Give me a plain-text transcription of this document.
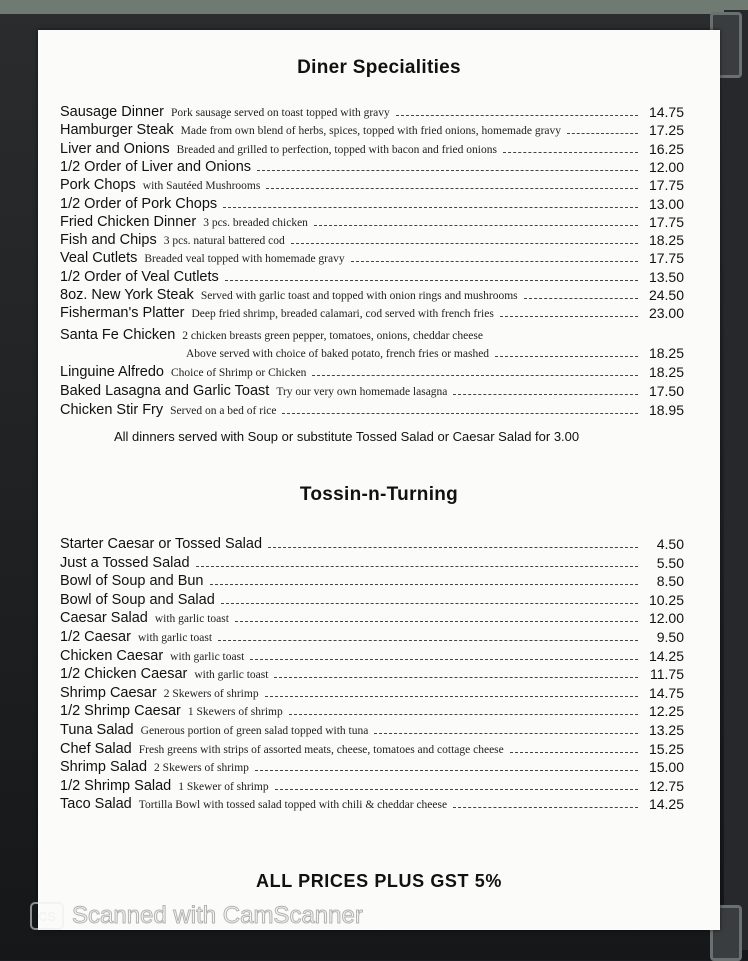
Diner Specialities
Sausage Dinner Pork sausage served on toast topped with gravy	14.75
Hamburger Steak Made from own blend of herbs, spices, topped with fried onions, homemade gravy	17.25
Liver and Onions Breaded and grilled to perfection, topped with bacon and fried onions	16.25
1/2 Order of Liver and Onions	12.00
Pork Chops with Sautéed Mushrooms	17.75
1/2 Order of Pork Chops	13.00
Fried Chicken Dinner 3 pcs. breaded chicken	17.75
Fish and Chips 3 pcs. natural battered cod	18.25
Veal Cutlets Breaded veal topped with homemade gravy	17.75
1/2 Order of Veal Cutlets	13.50
8oz. New York Steak Served with garlic toast and topped with onion rings and mushrooms	24.50
Fisherman's Platter Deep fried shrimp, breaded calamari, cod served with french fries	23.00
Santa Fe Chicken 2 chicken breasts green pepper, tomatoes, onions, cheddar cheese
Above served with choice of baked potato, french fries or mashed	18.25
Linguine Alfredo Choice of Shrimp or Chicken	18.25
Baked Lasagna and Garlic Toast Try our very own homemade lasagna	17.50
Chicken Stir Fry Served on a bed of rice	18.95
All dinners served with Soup or substitute Tossed Salad or Caesar Salad for 3.00
Tossin-n-Turning
Starter Caesar or Tossed Salad	4.50
Just a Tossed Salad	5.50
Bowl of Soup and Bun	8.50
Bowl of Soup and Salad	10.25
Caesar Salad with garlic toast	12.00
1/2 Caesar with garlic toast	9.50
Chicken Caesar with garlic toast	14.25
1/2 Chicken Caesar with garlic toast	11.75
Shrimp Caesar 2 Skewers of shrimp	14.75
1/2 Shrimp Caesar 1 Skewers of shrimp	12.25
Tuna Salad Generous portion of green salad topped with tuna	13.25
Chef Salad Fresh greens with strips of assorted meats, cheese, tomatoes and cottage cheese	15.25
Shrimp Salad 2 Skewers of shrimp	15.00
1/2 Shrimp Salad 1 Skewer of shrimp	12.75
Taco Salad Tortilla Bowl with tossed salad topped with chili & cheddar cheese	14.25
ALL PRICES PLUS GST 5%
CS Scanned with CamScanner
